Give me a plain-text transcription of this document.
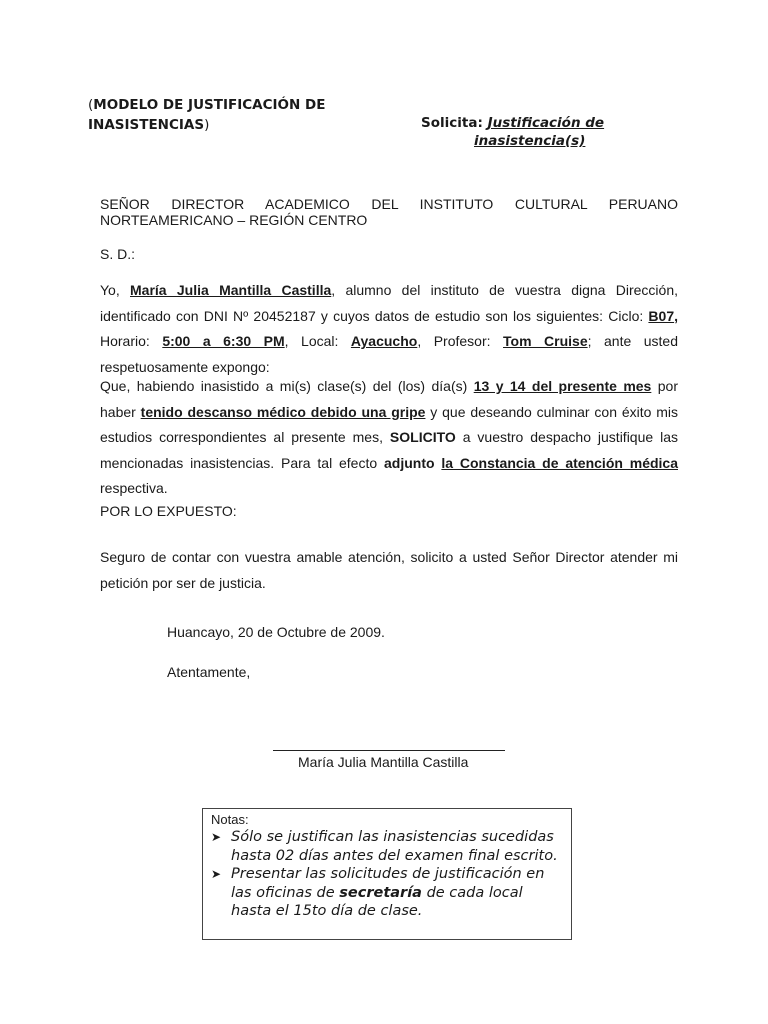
(MODELO DE JUSTIFICACIÓN DE
INASISTENCIAS)	Solicita: Justificación de
inasistencia(s)
SEÑOR DIRECTOR ACADEMICO DEL INSTITUTO CULTURAL PERUANO
NORTEAMERICANO – REGIÓN CENTRO
S. D.:
Yo, María Julia Mantilla Castilla, alumno del instituto de vuestra digna Dirección, identificado con DNI Nº 20452187 y cuyos datos de estudio son los siguientes: Ciclo: B07, Horario: 5:00 a 6:30 PM, Local: Ayacucho, Profesor: Tom Cruise; ante usted respetuosamente expongo:
Que, habiendo inasistido a mi(s) clase(s) del (los) día(s) 13 y 14 del presente mes por haber tenido descanso médico debido una gripe y que deseando culminar con éxito mis estudios correspondientes al presente mes, SOLICITO a vuestro despacho justifique las mencionadas inasistencias. Para tal efecto adjunto la Constancia de atención médica respectiva.
POR LO EXPUESTO:
Seguro de contar con vuestra amable atención, solicito a usted Señor Director atender mi petición por ser de justicia.
Huancayo, 20 de Octubre de 2009.
Atentamente,
María Julia Mantilla Castilla
Notas:
➤ Sólo se justifican las inasistencias sucedidas hasta 02 días antes del examen final escrito.
➤ Presentar las solicitudes de justificación en las oficinas de secretaría de cada local hasta el 15to día de clase.
